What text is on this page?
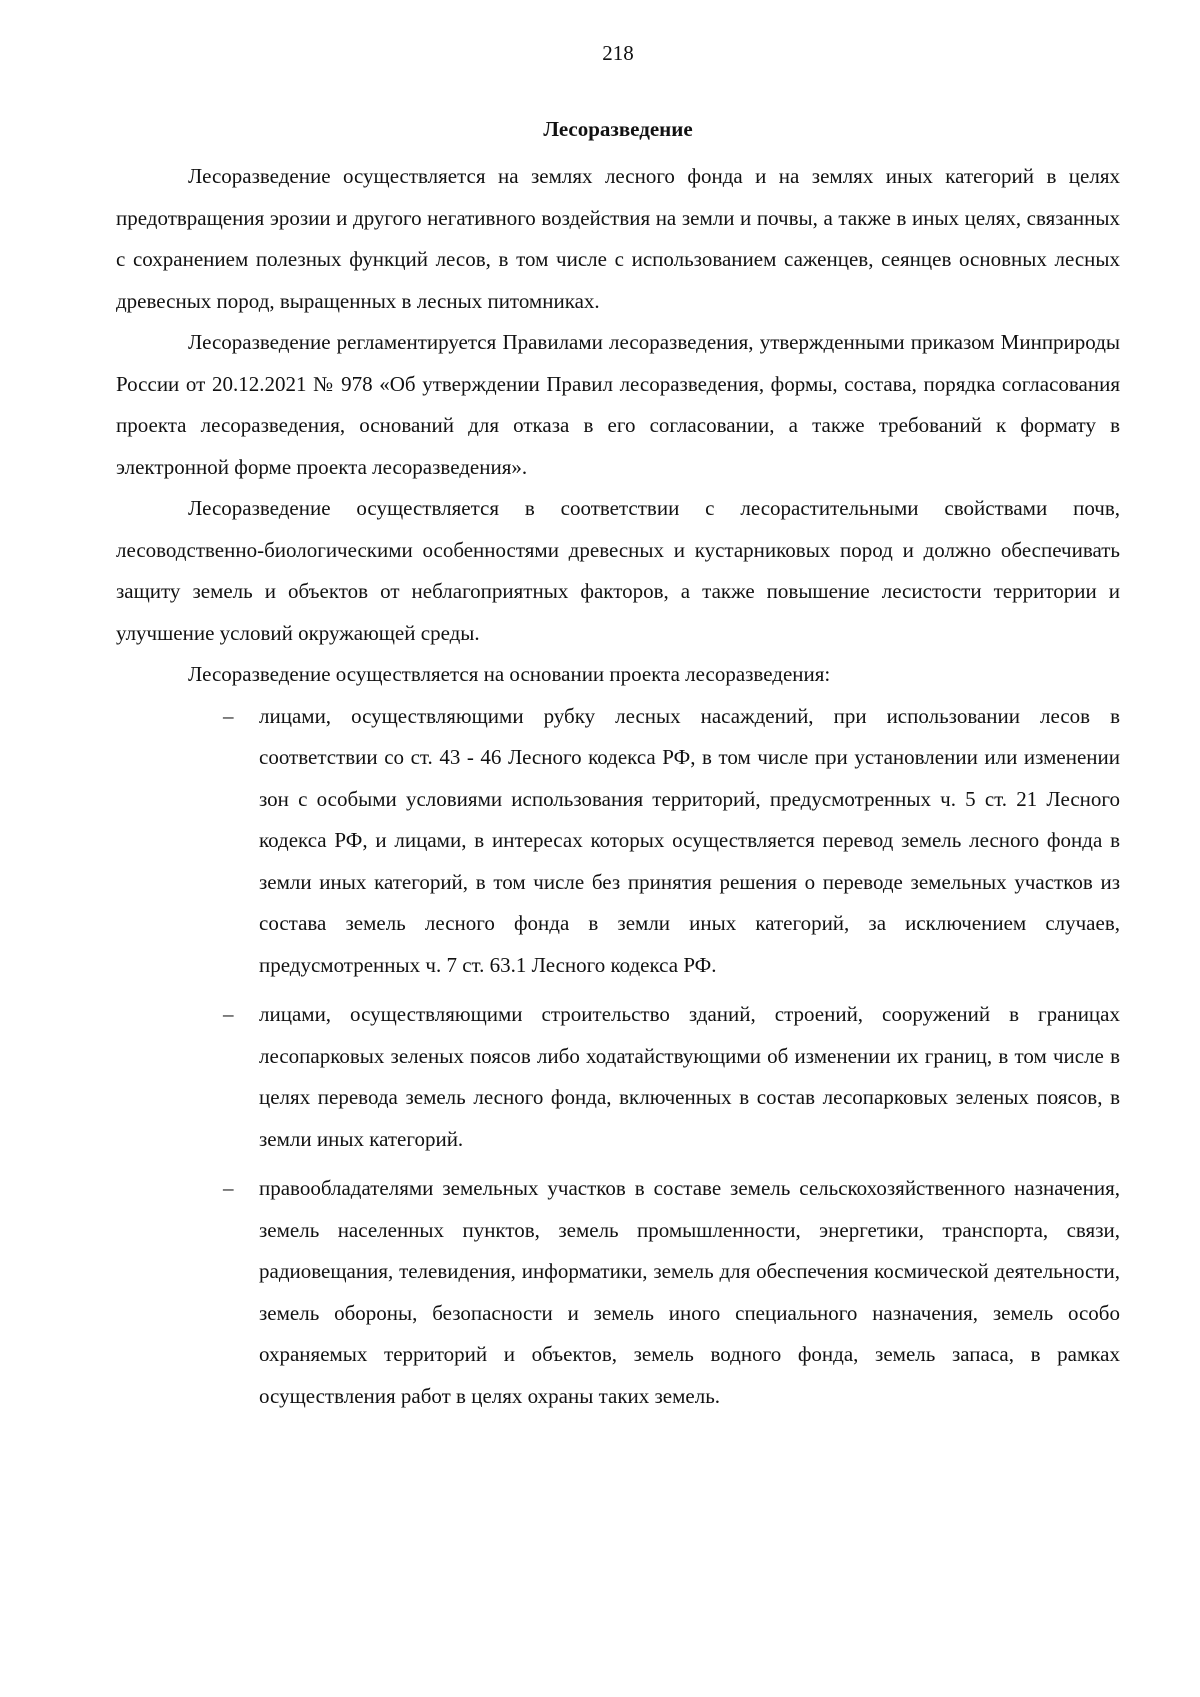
218
Лесоразведение

Лесоразведение осуществляется на землях лесного фонда и на землях иных категорий в целях предотвращения эрозии и другого негативного воздействия на земли и почвы, а также в иных целях, связанных с сохранением полезных функций лесов, в том числе с использованием саженцев, сеянцев основных лесных древесных пород, выращенных в лесных питомниках.

Лесоразведение регламентируется Правилами лесоразведения, утвержденными приказом Минприроды России от 20.12.2021 № 978 «Об утверждении Правил лесоразведения, формы, состава, порядка согласования проекта лесоразведения, оснований для отказа в его согласовании, а также требований к формату в электронной форме проекта лесоразведения».

Лесоразведение осуществляется в соответствии с лесорастительными свойствами почв, лесоводственно-биологическими особенностями древесных и кустарниковых пород и должно обеспечивать защиту земель и объектов от неблагоприятных факторов, а также повышение лесистости территории и улучшение условий окружающей среды.

Лесоразведение осуществляется на основании проекта лесоразведения:

– лицами, осуществляющими рубку лесных насаждений, при использовании лесов в соответствии со ст. 43 - 46 Лесного кодекса РФ, в том числе при установлении или изменении зон с особыми условиями использования территорий, предусмотренных ч. 5 ст. 21 Лесного кодекса РФ, и лицами, в интересах которых осуществляется перевод земель лесного фонда в земли иных категорий, в том числе без принятия решения о переводе земельных участков из состава земель лесного фонда в земли иных категорий, за исключением случаев, предусмотренных ч. 7 ст. 63.1 Лесного кодекса РФ.
– лицами, осуществляющими строительство зданий, строений, сооружений в границах лесопарковых зеленых поясов либо ходатайствующими об изменении их границ, в том числе в целях перевода земель лесного фонда, включенных в состав лесопарковых зеленых поясов, в земли иных категорий.
– правообладателями земельных участков в составе земель сельскохозяйственного назначения, земель населенных пунктов, земель промышленности, энергетики, транспорта, связи, радиовещания, телевидения, информатики, земель для обеспечения космической деятельности, земель обороны, безопасности и земель иного специального назначения, земель особо охраняемых территорий и объектов, земель водного фонда, земель запаса, в рамках осуществления работ в целях охраны таких земель.
